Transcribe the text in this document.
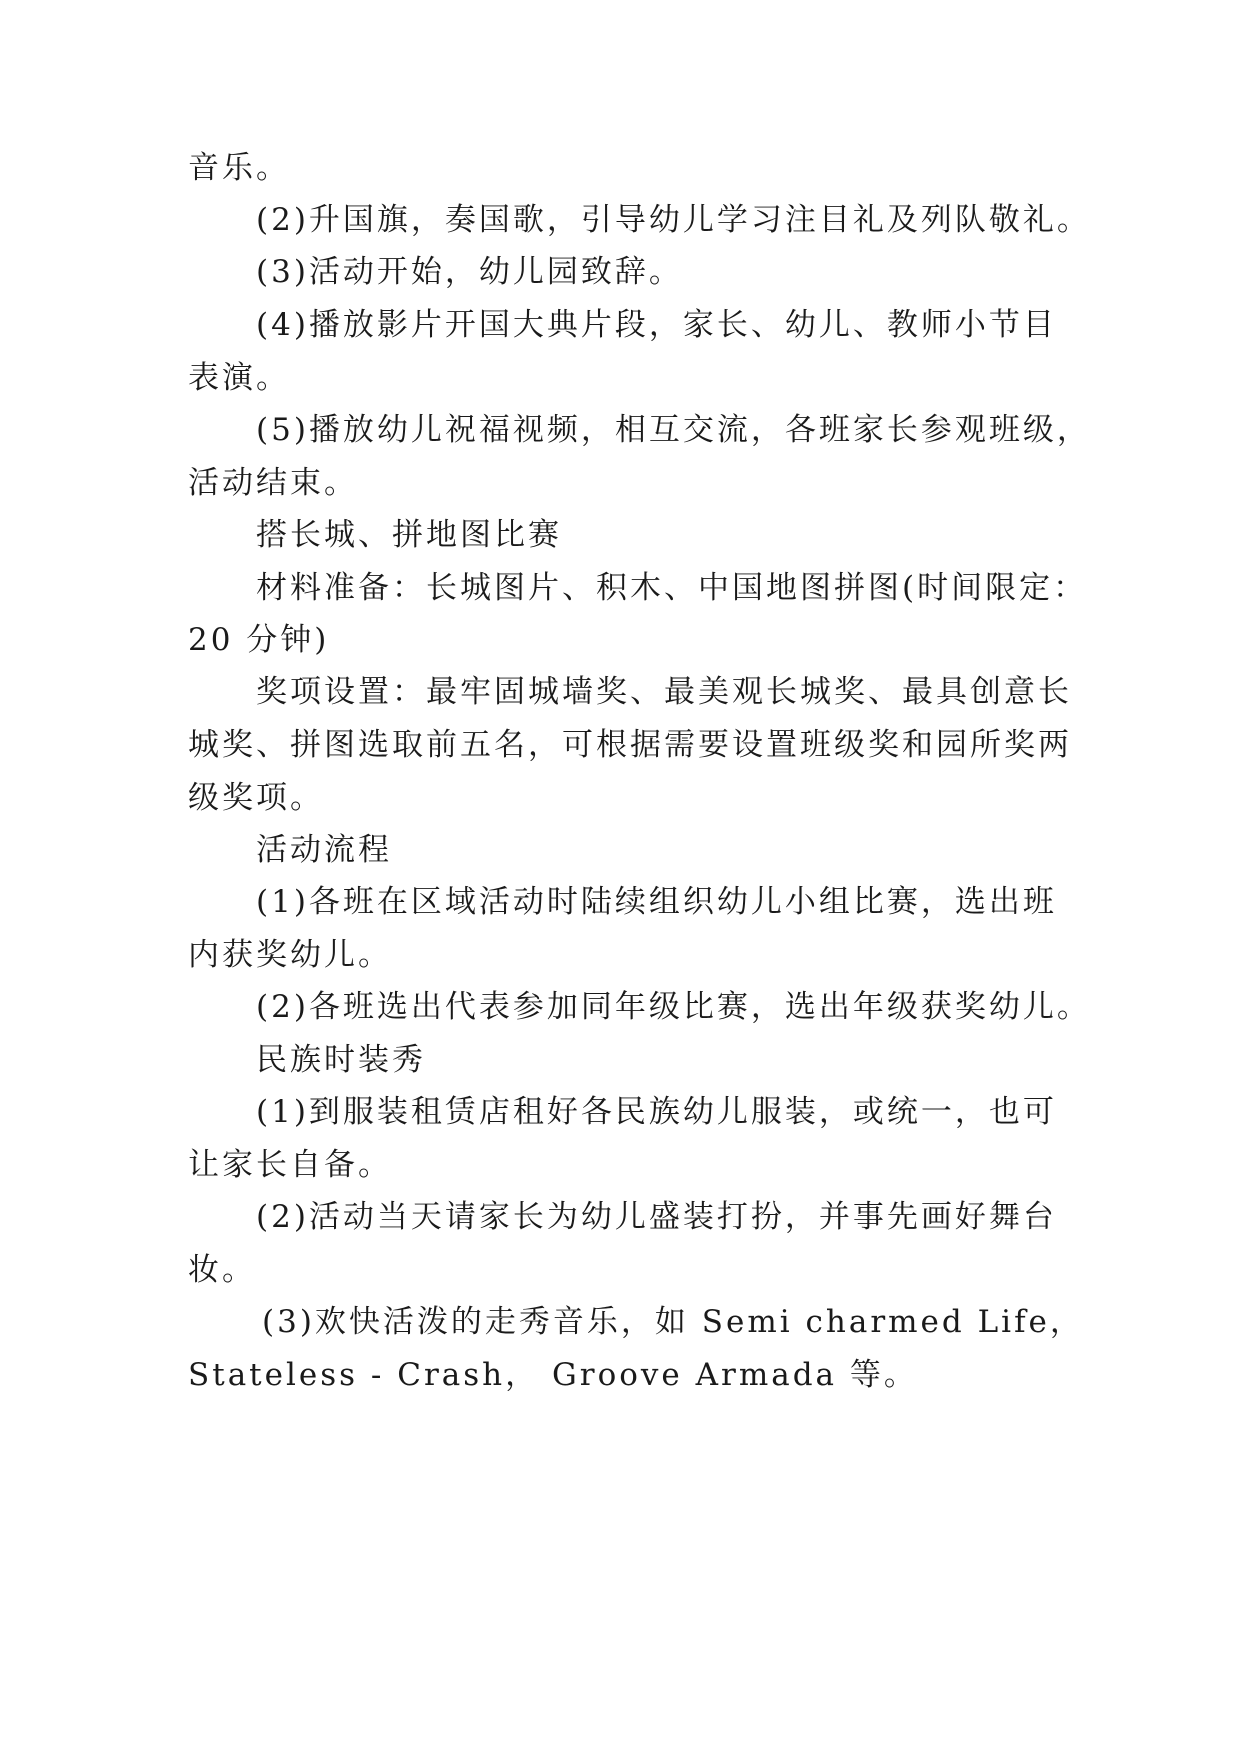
音乐。
(2)升国旗，奏国歌，引导幼儿学习注目礼及列队敬礼。
(3)活动开始，幼儿园致辞。
(4)播放影片开国大典片段，家长、幼儿、教师小节目
表演。
(5)播放幼儿祝福视频，相互交流，各班家长参观班级，
活动结束。
搭长城、拼地图比赛
材料准备：长城图片、积木、中国地图拼图(时间限定：
20 分钟)
奖项设置：最牢固城墙奖、最美观长城奖、最具创意长
城奖、拼图选取前五名，可根据需要设置班级奖和园所奖两
级奖项。
活动流程
(1)各班在区域活动时陆续组织幼儿小组比赛，选出班
内获奖幼儿。
(2)各班选出代表参加同年级比赛，选出年级获奖幼儿。
民族时装秀
(1)到服装租赁店租好各民族幼儿服装，或统一，也可
让家长自备。
(2)活动当天请家长为幼儿盛装打扮，并事先画好舞台
妆。
(3)欢快活泼的走秀音乐，如 Semi charmed Life，
Stateless - Crash， Groove Armada 等。
